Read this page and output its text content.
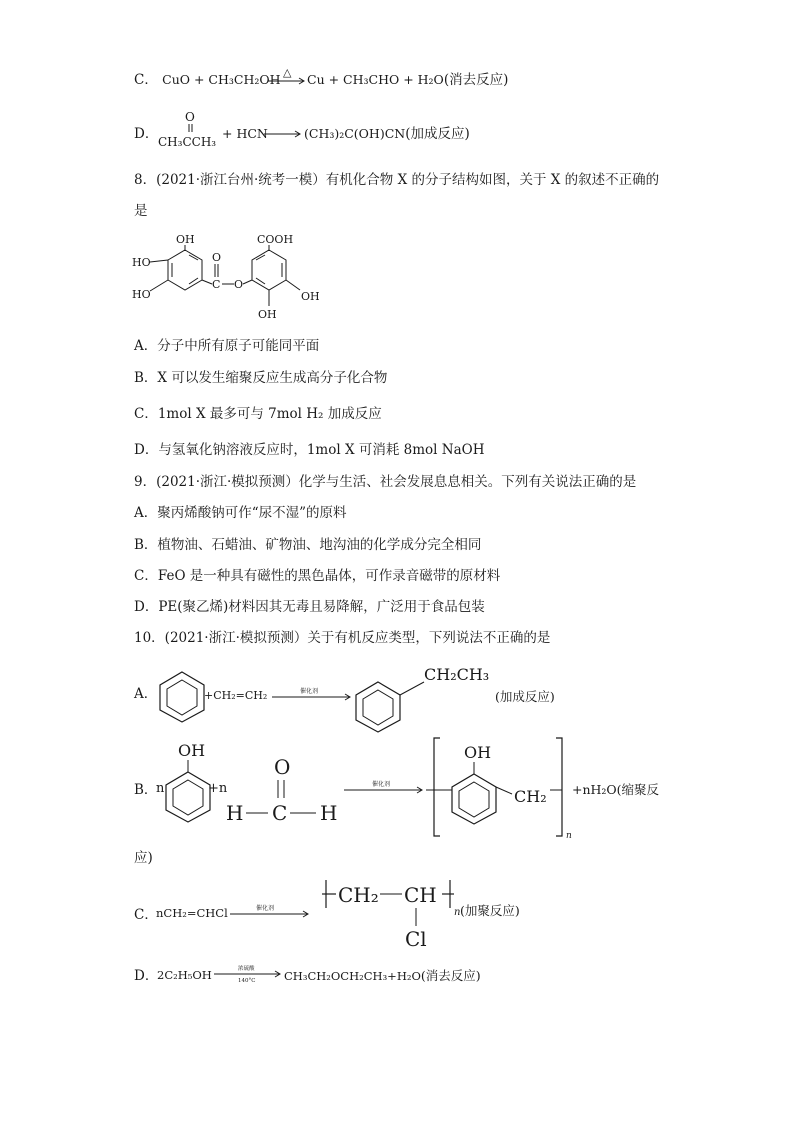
C． CuO + CH₃CH₂OH △ Cu + CH₃CHO + H₂O(消去反应)
D．
O
CH₃CCH₃
+ HCN → (CH₃)₂C(OH)CN(加成反应)
8．(2021·浙江台州·统考一模）有机化合物 X 的分子结构如图，关于 X 的叙述不正确的
是
OH
HO
HO
C
O
O
COOH
OH
OH
A．分子中所有原子可能同平面
B．X 可以发生缩聚反应生成高分子化合物
C．1mol X 最多可与 7mol H₂ 加成反应
D．与氢氧化钠溶液反应时，1mol X 可消耗 8mol NaOH
9．(2021·浙江·模拟预测）化学与生活、社会发展息息相关。下列有关说法正确的是
A．聚丙烯酸钠可作“尿不湿”的原料
B．植物油、石蜡油、矿物油、地沟油的化学成分完全相同
C．FeO 是一种具有磁性的黑色晶体，可作录音磁带的原材料
D．PE(聚乙烯)材料因其无毒且易降解，广泛用于食品包装
10．(2021·浙江·模拟预测）关于有机反应类型，下列说法不正确的是
A．	+CH₂=CH₂	催化剂
CH₂CH₃
(加成反应)
B．
n
OH
+n
O
H C H
催化剂
OH
CH₂
n
+nH₂O(缩聚反
应)
C．
nCH₂=CHCl	催化剂
CH₂ CH
Cl
n (加聚反应)
D．
2C₂H₅OH	浓硫酸
140°C CH₃CH₂OCH₂CH₃+H₂O(消去反应)
